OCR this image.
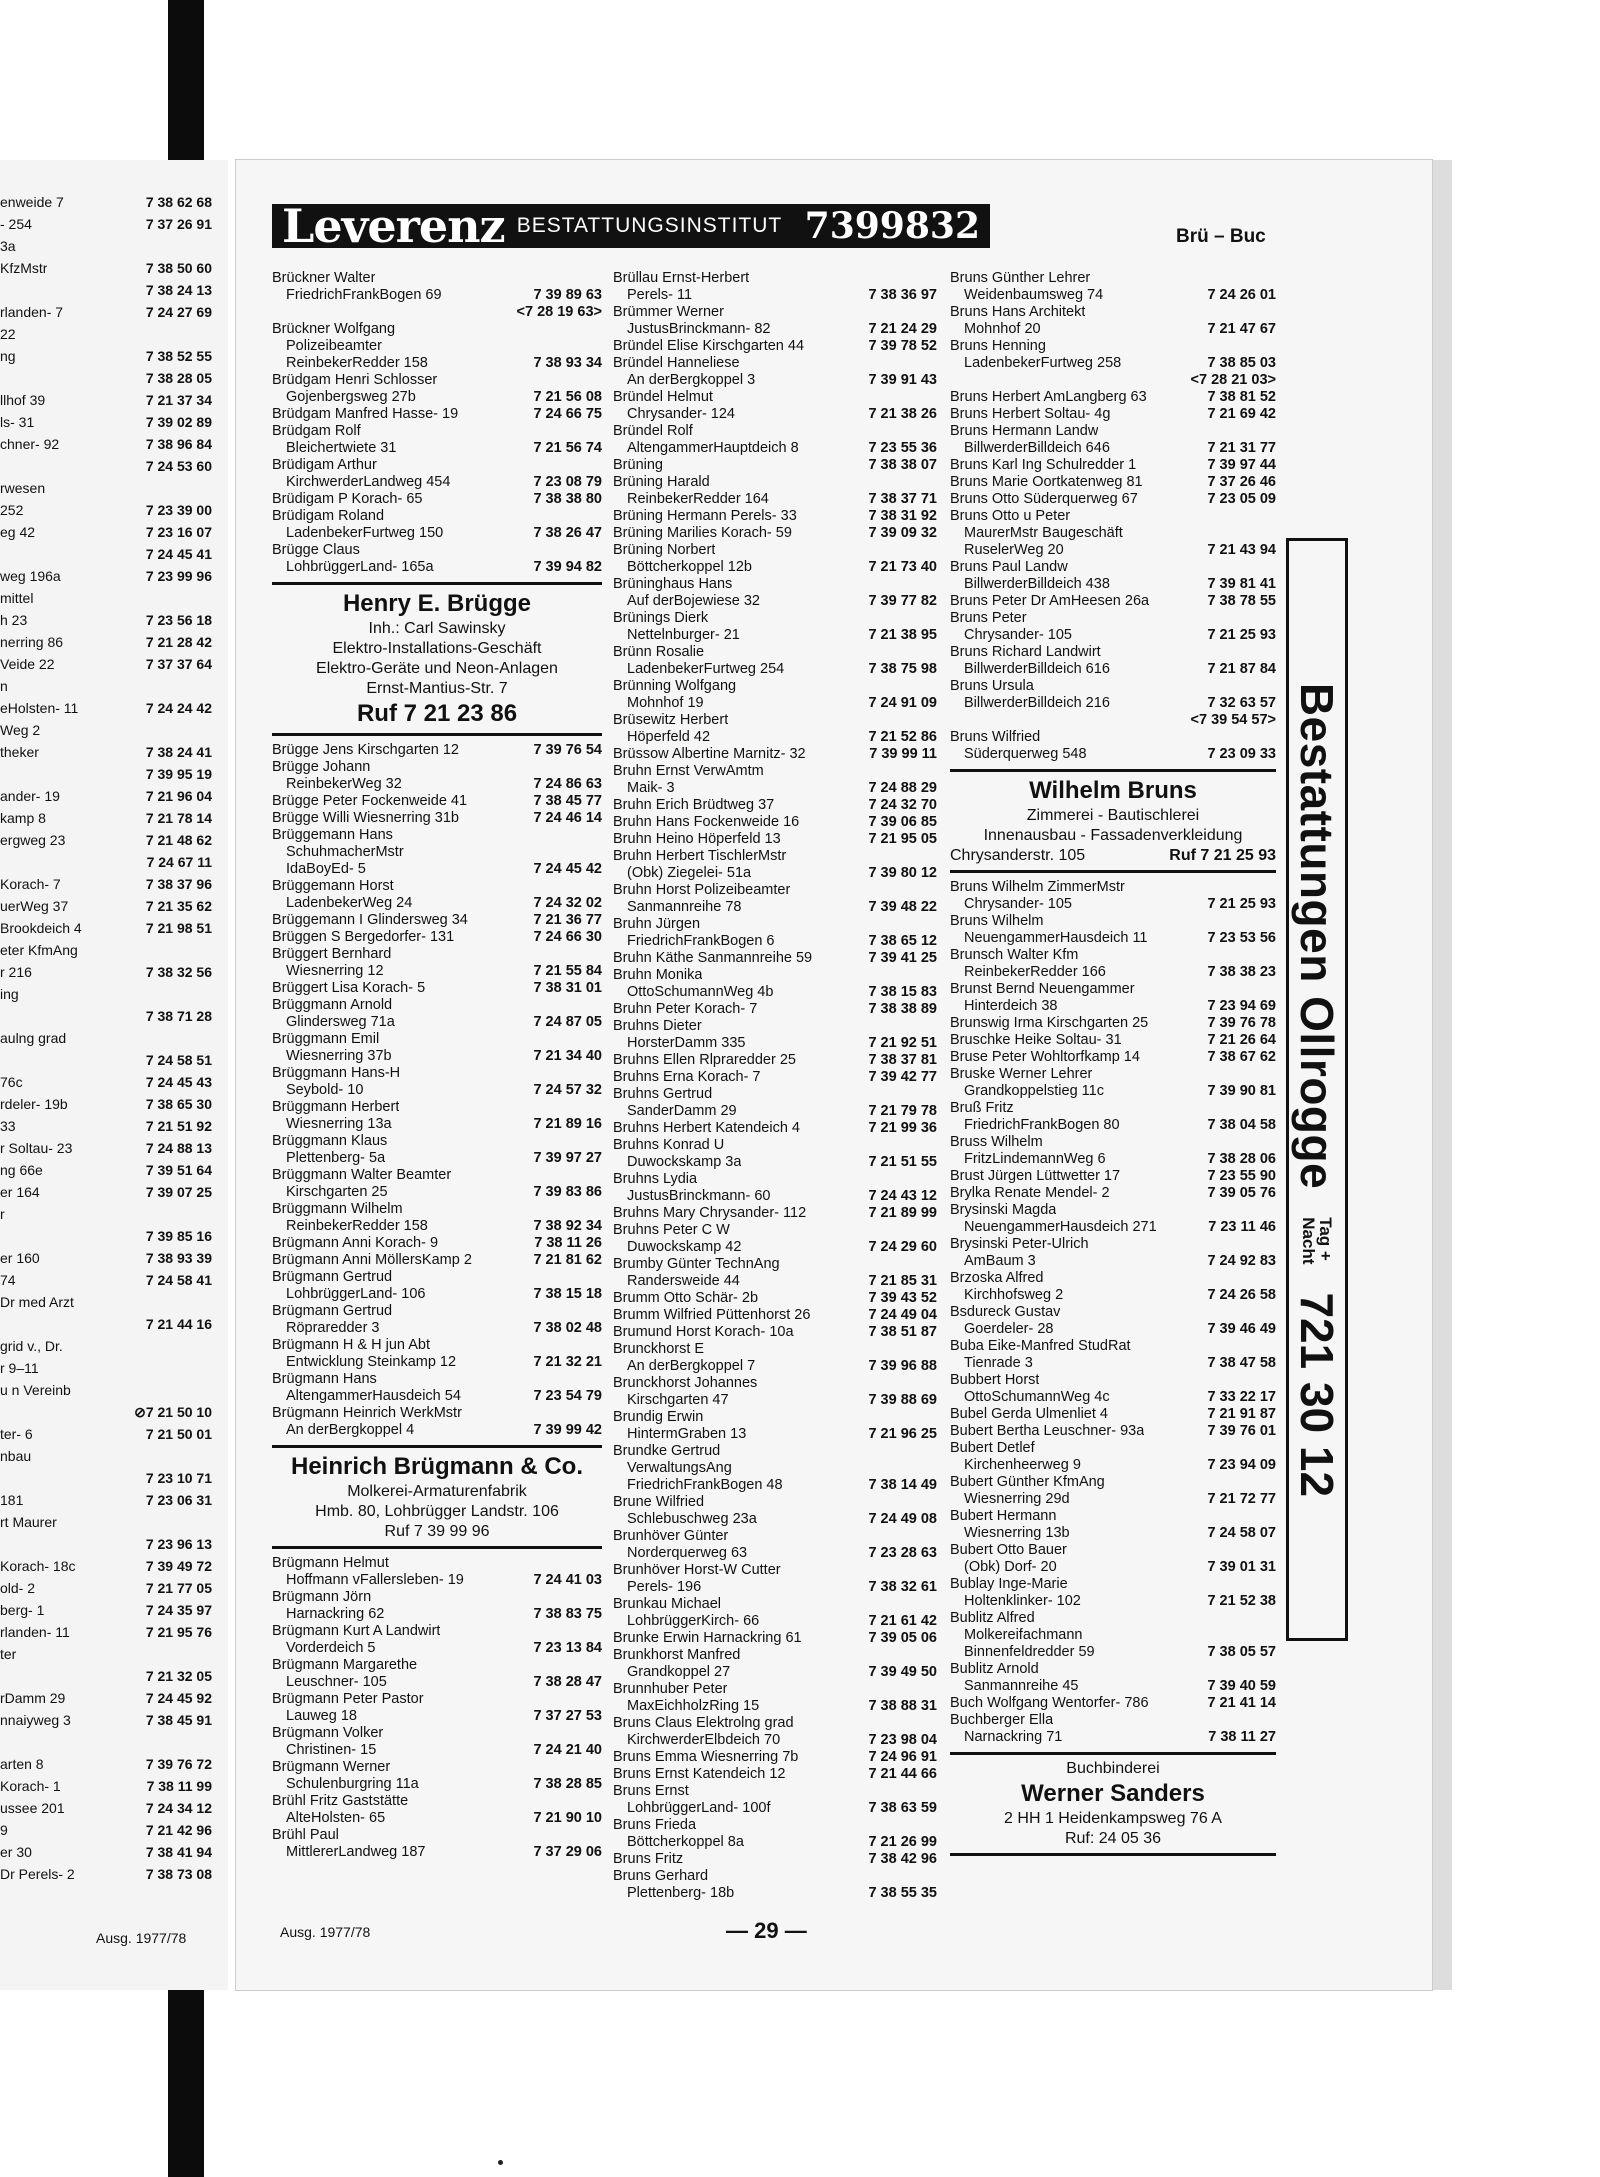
enweide 7	7 38 62 68
- 254	7 37 26 91
3a
KfzMstr	7 38 50 60
7 38 24 13
rlanden- 7	7 24 27 69
22
ng	7 38 52 55
7 38 28 05
llhof 39	7 21 37 34
ls- 31	7 39 02 89
chner- 92	7 38 96 84
7 24 53 60
rwesen
252	7 23 39 00
eg 42	7 23 16 07
7 24 45 41
weg 196a	7 23 99 96
mittel
h 23	7 23 56 18
nerring 86	7 21 28 42
Veide 22	7 37 37 64
n
eHolsten- 11	7 24 24 42
Weg 2
theker	7 38 24 41
7 39 95 19
ander- 19	7 21 96 04
kamp 8	7 21 78 14
ergweg 23	7 21 48 62
7 24 67 11
Korach- 7	7 38 37 96
uerWeg 37	7 21 35 62
Brookdeich 4	7 21 98 51
eter KfmAng
r 216	7 38 32 56
ing
7 38 71 28
aulng grad
7 24 58 51
76c	7 24 45 43
rdeler- 19b	7 38 65 30
33	7 21 51 92
r Soltau- 23	7 24 88 13
ng 66e	7 39 51 64
er 164	7 39 07 25
r
7 39 85 16
er 160	7 38 93 39
74	7 24 58 41
Dr med Arzt
7 21 44 16
grid v., Dr.
r 9–11
u n Vereinb
⊘7 21 50 10
ter- 6	7 21 50 01
nbau
7 23 10 71
181	7 23 06 31
rt Maurer
7 23 96 13
Korach- 18c	7 39 49 72
old- 2	7 21 77 05
berg- 1	7 24 35 97
rlanden- 11	7 21 95 76
ter
7 21 32 05
rDamm 29	7 24 45 92
nnaiyweg 3	7 38 45 91
arten 8	7 39 76 72
Korach- 1	7 38 11 99
ussee 201	7 24 34 12
9	7 21 42 96
er 30	7 38 41 94
Dr Perels- 2	7 38 73 08
Ausg. 1977/78
Leverenz BESTATTUNGSINSTITUT 7399832	Brü – Buc
Brückner Walter
FriedrichFrankBogen 69	7 39 89 63
<7 28 19 63>
Brückner Wolfgang
Polizeibeamter
ReinbekerRedder 158	7 38 93 34
Brüdgam Henri Schlosser
Gojenbergsweg 27b	7 21 56 08
Brüdgam Manfred Hasse- 19	7 24 66 75
Brüdgam Rolf
Bleichertwiete 31	7 21 56 74
Brüdigam Arthur
KirchwerderLandweg 454	7 23 08 79
Brüdigam P Korach- 65	7 38 38 80
Brüdigam Roland
LadenbekerFurtweg 150	7 38 26 47
Brügge Claus
LohbrüggerLand- 165a	7 39 94 82
Henry E. Brügge
Inh.: Carl Sawinsky
Elektro-Installations-Geschäft
Elektro-Geräte und Neon-Anlagen
Ernst-Mantius-Str. 7
Ruf 7 21 23 86
Brügge Jens Kirschgarten 12	7 39 76 54
Brügge Johann
ReinbekerWeg 32	7 24 86 63
Brügge Peter Fockenweide 41	7 38 45 77
Brügge Willi Wiesnerring 31b	7 24 46 14
Brüggemann Hans
SchuhmacherMstr
IdaBoyEd- 5	7 24 45 42
Brüggemann Horst
LadenbekerWeg 24	7 24 32 02
Brüggemann I Glindersweg 34	7 21 36 77
Brüggen S Bergedorfer- 131	7 24 66 30
Brüggert Bernhard
Wiesnerring 12	7 21 55 84
Brüggert Lisa Korach- 5	7 38 31 01
Brüggmann Arnold
Glindersweg 71a	7 24 87 05
Brüggmann Emil
Wiesnerring 37b	7 21 34 40
Brüggmann Hans-H
Seybold- 10	7 24 57 32
Brüggmann Herbert
Wiesnerring 13a	7 21 89 16
Brüggmann Klaus
Plettenberg- 5a	7 39 97 27
Brüggmann Walter Beamter
Kirschgarten 25	7 39 83 86
Brüggmann Wilhelm
ReinbekerRedder 158	7 38 92 34
Brügmann Anni Korach- 9	7 38 11 26
Brügmann Anni MöllersKamp 2	7 21 81 62
Brügmann Gertrud
LohbrüggerLand- 106	7 38 15 18
Brügmann Gertrud
Röpraredder 3	7 38 02 48
Brügmann H & H jun Abt
Entwicklung Steinkamp 12	7 21 32 21
Brügmann Hans
AltengammerHausdeich 54	7 23 54 79
Brügmann Heinrich WerkMstr
An derBergkoppel 4	7 39 99 42
Heinrich Brügmann & Co.
Molkerei-Armaturenfabrik
Hmb. 80, Lohbrügger Landstr. 106
Ruf 7 39 99 96
Brügmann Helmut
Hoffmann vFallersleben- 19	7 24 41 03
Brügmann Jörn
Harnackring 62	7 38 83 75
Brügmann Kurt A Landwirt
Vorderdeich 5	7 23 13 84
Brügmann Margarethe
Leuschner- 105	7 38 28 47
Brügmann Peter Pastor
Lauweg 18	7 37 27 53
Brügmann Volker
Christinen- 15	7 24 21 40
Brügmann Werner
Schulenburgring 11a	7 38 28 85
Brühl Fritz Gaststätte
AlteHolsten- 65	7 21 90 10
Brühl Paul
MittlererLandweg 187	7 37 29 06
Brüllau Ernst-Herbert
Perels- 11	7 38 36 97
Brümmer Werner
JustusBrinckmann- 82	7 21 24 29
Bründel Elise Kirschgarten 44	7 39 78 52
Bründel Hanneliese
An derBergkoppel 3	7 39 91 43
Bründel Helmut
Chrysander- 124	7 21 38 26
Bründel Rolf
AltengammerHauptdeich 8	7 23 55 36
Brüning	7 38 38 07
Brüning Harald
ReinbekerRedder 164	7 38 37 71
Brüning Hermann Perels- 33	7 38 31 92
Brüning Marilies Korach- 59	7 39 09 32
Brüning Norbert
Böttcherkoppel 12b	7 21 73 40
Brüninghaus Hans
Auf derBojewiese 32	7 39 77 82
Brünings Dierk
Nettelnburger- 21	7 21 38 95
Brünn Rosalie
LadenbekerFurtweg 254	7 38 75 98
Brünning Wolfgang
Mohnhof 19	7 24 91 09
Brüsewitz Herbert
Höperfeld 42	7 21 52 86
Brüssow Albertine Marnitz- 32	7 39 99 11
Bruhn Ernst VerwAmtm
Maik- 3	7 24 88 29
Bruhn Erich Brüdtweg 37	7 24 32 70
Bruhn Hans Fockenweide 16	7 39 06 85
Bruhn Heino Höperfeld 13	7 21 95 05
Bruhn Herbert TischlerMstr
(Obk) Ziegelei- 51a	7 39 80 12
Bruhn Horst Polizeibeamter
Sanmannreihe 78	7 39 48 22
Bruhn Jürgen
FriedrichFrankBogen 6	7 38 65 12
Bruhn Käthe Sanmannreihe 59	7 39 41 25
Bruhn Monika
OttoSchumannWeg 4b	7 38 15 83
Bruhn Peter Korach- 7	7 38 38 89
Bruhns Dieter
HorsterDamm 335	7 21 92 51
Bruhns Ellen Rlpraredder 25	7 38 37 81
Bruhns Erna Korach- 7	7 39 42 77
Bruhns Gertrud
SanderDamm 29	7 21 79 78
Bruhns Herbert Katendeich 4	7 21 99 36
Bruhns Konrad U
Duwockskamp 3a	7 21 51 55
Bruhns Lydia
JustusBrinckmann- 60	7 24 43 12
Bruhns Mary Chrysander- 112	7 21 89 99
Bruhns Peter C W
Duwockskamp 42	7 24 29 60
Brumby Günter TechnAng
Randersweide 44	7 21 85 31
Brumm Otto Schär- 2b	7 39 43 52
Brumm Wilfried Püttenhorst 26	7 24 49 04
Brumund Horst Korach- 10a	7 38 51 87
Brunckhorst E
An derBergkoppel 7	7 39 96 88
Brunckhorst Johannes
Kirschgarten 47	7 39 88 69
Brundig Erwin
HintermGraben 13	7 21 96 25
Brundke Gertrud
VerwaltungsAng
FriedrichFrankBogen 48	7 38 14 49
Brune Wilfried
Schlebuschweg 23a	7 24 49 08
Brunhöver Günter
Norderquerweg 63	7 23 28 63
Brunhöver Horst-W Cutter
Perels- 196	7 38 32 61
Brunkau Michael
LohbrüggerKirch- 66	7 21 61 42
Brunke Erwin Harnackring 61	7 39 05 06
Brunkhorst Manfred
Grandkoppel 27	7 39 49 50
Brunnhuber Peter
MaxEichholzRing 15	7 38 88 31
Bruns Claus Elektrolng grad
KirchwerderElbdeich 70	7 23 98 04
Bruns Emma Wiesnerring 7b	7 24 96 91
Bruns Ernst Katendeich 12	7 21 44 66
Bruns Ernst
LohbrüggerLand- 100f	7 38 63 59
Bruns Frieda
Böttcherkoppel 8a	7 21 26 99
Bruns Fritz	7 38 42 96
Bruns Gerhard
Plettenberg- 18b	7 38 55 35
Bruns Günther Lehrer
Weidenbaumsweg 74	7 24 26 01
Bruns Hans Architekt
Mohnhof 20	7 21 47 67
Bruns Henning
LadenbekerFurtweg 258	7 38 85 03
<7 28 21 03>
Bruns Herbert AmLangberg 63	7 38 81 52
Bruns Herbert Soltau- 4g	7 21 69 42
Bruns Hermann Landw
BillwerderBilldeich 646	7 21 31 77
Bruns Karl Ing Schulredder 1	7 39 97 44
Bruns Marie Oortkatenweg 81	7 37 26 46
Bruns Otto Süderquerweg 67	7 23 05 09
Bruns Otto u Peter
MaurerMstr Baugeschäft
RuselerWeg 20	7 21 43 94
Bruns Paul Landw
BillwerderBilldeich 438	7 39 81 41
Bruns Peter Dr AmHeesen 26a	7 38 78 55
Bruns Peter
Chrysander- 105	7 21 25 93
Bruns Richard Landwirt
BillwerderBilldeich 616	7 21 87 84
Bruns Ursula
BillwerderBilldeich 216	7 32 63 57
<7 39 54 57>
Bruns Wilfried
Süderquerweg 548	7 23 09 33
Wilhelm Bruns
Zimmerei - Bautischlerei
Innenausbau - Fassadenverkleidung
Chrysanderstr. 105	Ruf 7 21 25 93
Bruns Wilhelm ZimmerMstr
Chrysander- 105	7 21 25 93
Bruns Wilhelm
NeuengammerHausdeich 11	7 23 53 56
Brunsch Walter Kfm
ReinbekerRedder 166	7 38 38 23
Brunst Bernd Neuengammer
Hinterdeich 38	7 23 94 69
Brunswig Irma Kirschgarten 25	7 39 76 78
Bruschke Heike Soltau- 31	7 21 26 64
Bruse Peter Wohltorfkamp 14	7 38 67 62
Bruske Werner Lehrer
Grandkoppelstieg 11c	7 39 90 81
Bruß Fritz
FriedrichFrankBogen 80	7 38 04 58
Bruss Wilhelm
FritzLindemannWeg 6	7 38 28 06
Brust Jürgen Lüttwetter 17	7 23 55 90
Brylka Renate Mendel- 2	7 39 05 76
Brysinski Magda
NeuengammerHausdeich 271	7 23 11 46
Brysinski Peter-Ulrich
AmBaum 3	7 24 92 83
Brzoska Alfred
Kirchhofsweg 2	7 24 26 58
Bsdureck Gustav
Goerdeler- 28	7 39 46 49
Buba Eike-Manfred StudRat
Tienrade 3	7 38 47 58
Bubbert Horst
OttoSchumannWeg 4c	7 33 22 17
Bubel Gerda Ulmenliet 4	7 21 91 87
Bubert Bertha Leuschner- 93a	7 39 76 01
Bubert Detlef
Kirchenheerweg 9	7 23 94 09
Bubert Günther KfmAng
Wiesnerring 29d	7 21 72 77
Bubert Hermann
Wiesnerring 13b	7 24 58 07
Bubert Otto Bauer
(Obk) Dorf- 20	7 39 01 31
Bublay Inge-Marie
Holtenklinker- 102	7 21 52 38
Bublitz Alfred
Molkereifachmann
Binnenfeldredder 59	7 38 05 57
Bublitz Arnold
Sanmannreihe 45	7 39 40 59
Buch Wolfgang Wentorfer- 786	7 21 41 14
Buchberger Ella
Narnackring 71	7 38 11 27
Buchbinderei
Werner Sanders
2 HH 1 Heidenkampsweg 76 A
Ruf: 24 05 36
Bestattungen Ollrogge
Tag +
Nacht
721 30 12
Ausg. 1977/78	— 29 —
